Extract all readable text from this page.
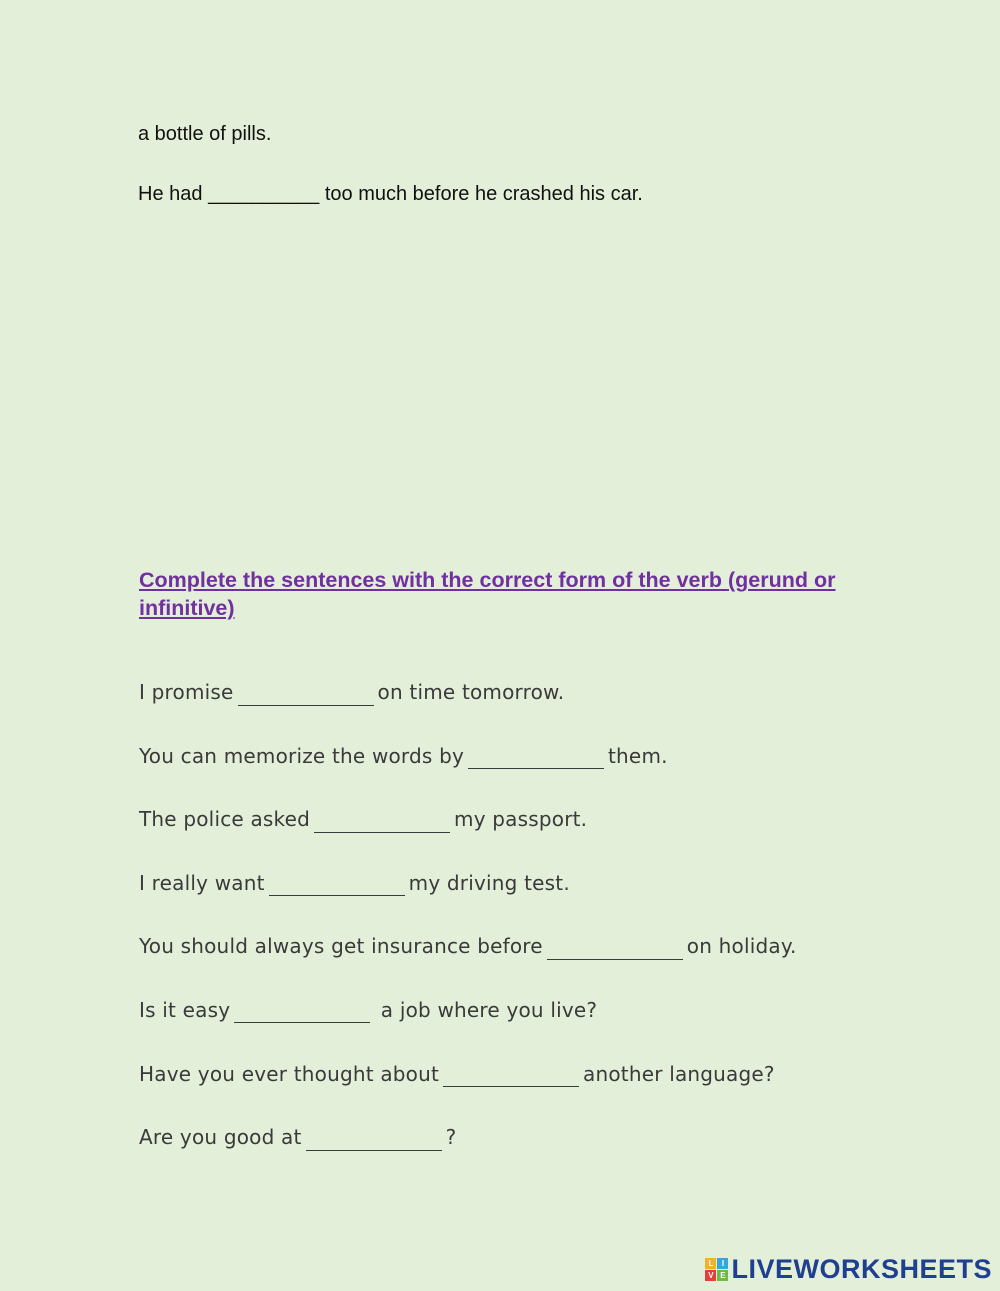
a bottle of pills.

He had __________ too much before he crashed his car.

Complete the sentences with the correct form of the verb (gerund or infinitive)
I promise	on time tomorrow.
You can memorize the words by	them.
The police asked	my passport.
I really want	my driving test.
You should always get insurance before	on holiday.
Is it easy	a job where you live?
Have you ever thought about	another language?
Are you good at	?
L	I
V E LIVEWORKSHEETS
